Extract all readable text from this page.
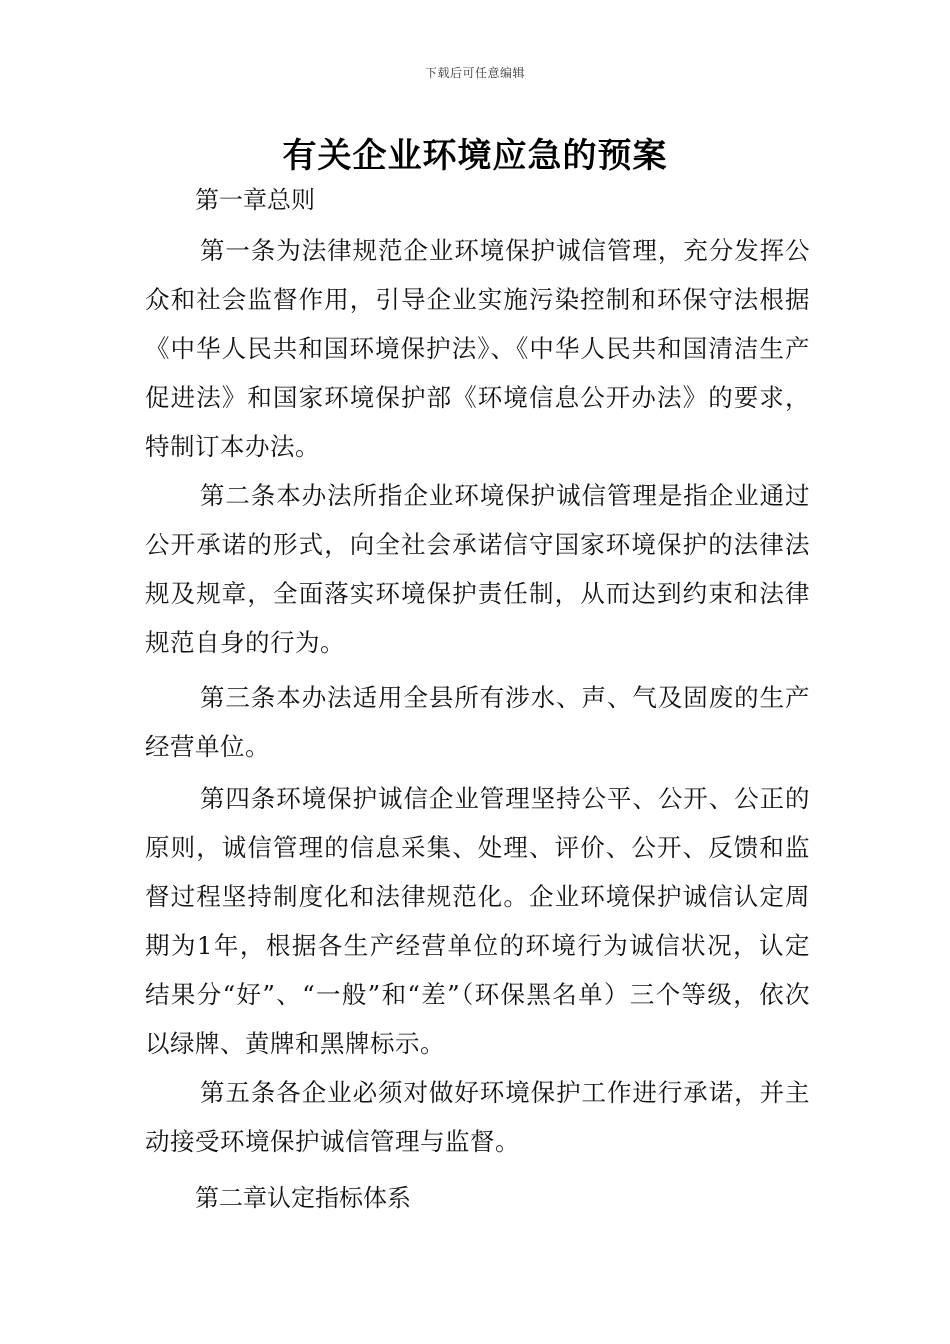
下载后可任意编辑
有关企业环境应急的预案

第一章总则

第一条为法律规范企业环境保护诚信管理，充分发挥公众和社会监督作用，引导企业实施污染控制和环保守法根据《中华人民共和国环境保护法》、《中华人民共和国清洁生产促进法》和国家环境保护部《环境信息公开办法》的要求，特制订本办法。

第二条本办法所指企业环境保护诚信管理是指企业通过公开承诺的形式，向全社会承诺信守国家环境保护的法律法规及规章，全面落实环境保护责任制，从而达到约束和法律规范自身的行为。

第三条本办法适用全县所有涉水、声、气及固废的生产经营单位。

第四条环境保护诚信企业管理坚持公平、公开、公正的原则，诚信管理的信息采集、处理、评价、公开、反馈和监督过程坚持制度化和法律规范化。企业环境保护诚信认定周期为1年，根据各生产经营单位的环境行为诚信状况，认定结果分“好”、“一般”和“差”（环保黑名单）三个等级，依次以绿牌、黄牌和黑牌标示。

第五条各企业必须对做好环境保护工作进行承诺，并主动接受环境保护诚信管理与监督。

第二章认定指标体系
